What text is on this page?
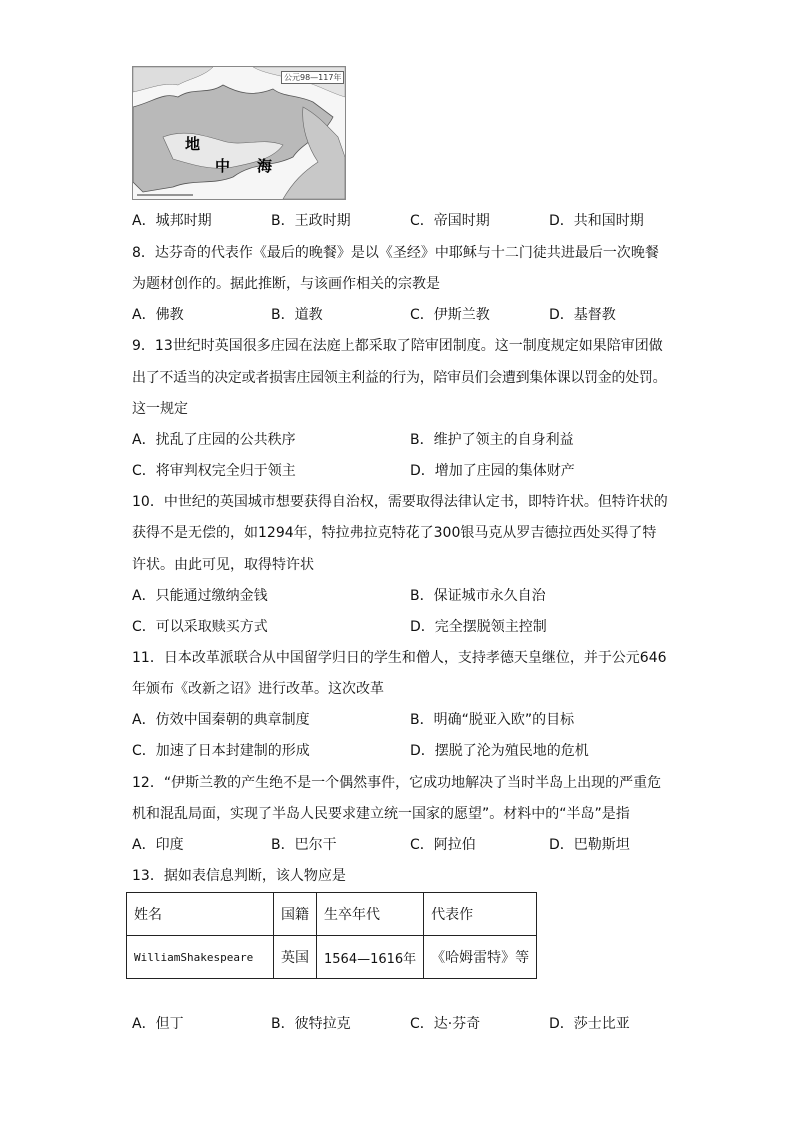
公元98—117年
地
中 海
A．城邦时期	B．王政时期	C．帝国时期	D．共和国时期
8．达芬奇的代表作《最后的晚餐》是以《圣经》中耶稣与十二门徒共进最后一次晚餐
为题材创作的。据此推断，与该画作相关的宗教是
A．佛教	B．道教	C．伊斯兰教	D．基督教
9．13世纪时英国很多庄园在法庭上都采取了陪审团制度。这一制度规定如果陪审团做
出了不适当的决定或者损害庄园领主利益的行为，陪审员们会遭到集体课以罚金的处罚。
这一规定
A．扰乱了庄园的公共秩序	B．维护了领主的自身利益
C．将审判权完全归于领主	D．增加了庄园的集体财产
10．中世纪的英国城市想要获得自治权，需要取得法律认定书，即特许状。但特许状的
获得不是无偿的，如1294年，特拉弗拉克特花了300银马克从罗吉德拉西处买得了特
许状。由此可见，取得特许状
A．只能通过缴纳金钱	B．保证城市永久自治
C．可以采取赎买方式	D．完全摆脱领主控制
11．日本改革派联合从中国留学归日的学生和僧人，支持孝德天皇继位，并于公元646
年颁布《改新之诏》进行改革。这次改革
A．仿效中国秦朝的典章制度	B．明确“脱亚入欧”的目标
C．加速了日本封建制的形成	D．摆脱了沦为殖民地的危机
12．“伊斯兰教的产生绝不是一个偶然事件，它成功地解决了当时半岛上出现的严重危
机和混乱局面，实现了半岛人民要求建立统一国家的愿望”。材料中的“半岛”是指
A．印度	B．巴尔干	C．阿拉伯	D．巴勒斯坦
13．据如表信息判断，该人物应是
姓名	国籍	生卒年代	代表作
WilliamShakespeare	英国	1564—1616年	《哈姆雷特》等
A．但丁	B．彼特拉克	C．达·芬奇	D．莎士比亚
